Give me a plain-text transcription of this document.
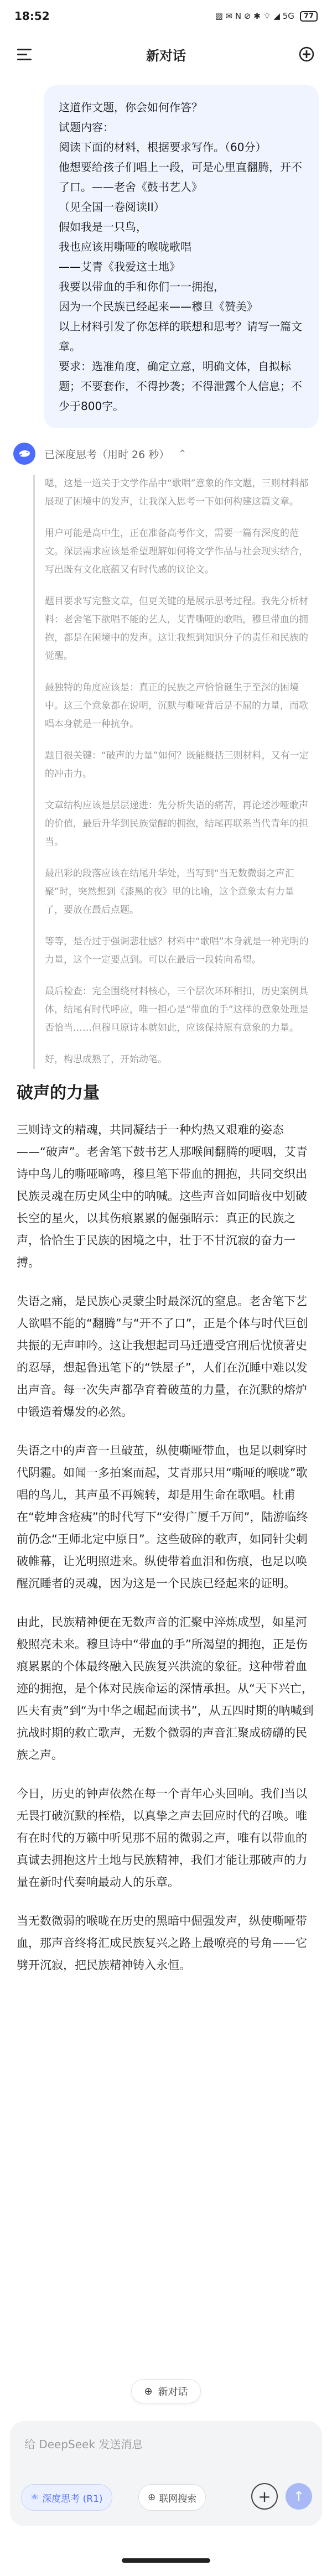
18:52	▨ ✉ N ⊘ ✱ ⌔ ◢ 5G	77
新对话
这道作文题，你会如何作答？
试题内容：
阅读下面的材料，根据要求写作。（60分）
他想要给孩子们唱上一段，可是心里直翻腾，开不了口。——老舍《鼓书艺人》
（见全国一卷阅读II）
假如我是一只鸟，
我也应该用嘶哑的喉咙歌唱
——艾青《我爱这土地》
我要以带血的手和你们一一拥抱，
因为一个民族已经起来——穆旦《赞美》
以上材料引发了你怎样的联想和思考？请写一篇文章。
要求：选准角度，确定立意，明确文体，自拟标题；不要套作，不得抄袭；不得泄露个人信息；不少于800字。
已深度思考（用时 26 秒） ⌃

嗯，这是一道关于文学作品中“歌唱”意象的作文题，三则材料都展现了困境中的发声，让我深入思考一下如何构建这篇文章。

用户可能是高中生，正在准备高考作文，需要一篇有深度的范文。深层需求应该是希望理解如何将文学作品与社会现实结合，写出既有文化底蕴又有时代感的议论文。

题目要求写完整文章，但更关键的是展示思考过程。我先分析材料：老舍笔下欲唱不能的艺人，艾青嘶哑的歌唱，穆旦带血的拥抱，都是在困境中的发声。这让我想到知识分子的责任和民族的觉醒。

最独特的角度应该是：真正的民族之声恰恰诞生于至深的困境中。这三个意象都在说明，沉默与嘶哑背后是不屈的力量，而歌唱本身就是一种抗争。

题目很关键：“破声的力量”如何？既能概括三则材料，又有一定的冲击力。

文章结构应该是层层递进：先分析失语的痛苦，再论述沙哑歌声的价值，最后升华到民族觉醒的拥抱，结尾再联系当代青年的担当。

最出彩的段落应该在结尾升华处，当写到“当无数微弱之声汇聚”时，突然想到《漆黑的夜》里的比喻，这个意象太有力量了，要放在最后点题。

等等，是否过于强调悲壮感？材料中“歌唱”本身就是一种光明的力量，这个一定要点到。可以在最后一段转向希望。

最后检查：完全围绕材料核心，三个层次环环相扣，历史案例具体，结尾有时代呼应，唯一担心是“带血的手”这样的意象处理是否恰当……但穆旦原诗本就如此，应该保持原有意象的力量。

好，构思成熟了，开始动笔。

破声的力量

三则诗文的精魂，共同凝结于一种灼热又艰难的姿态——“破声”。老舍笔下鼓书艺人那喉间翻腾的哽咽，艾青诗中鸟儿的嘶哑啼鸣，穆旦笔下带血的拥抱，共同交织出民族灵魂在历史风尘中的呐喊。这些声音如同暗夜中划破长空的星火，以其伤痕累累的倔强昭示：真正的民族之声，恰恰生于民族的困境之中，壮于不甘沉寂的奋力一搏。

失语之痛，是民族心灵蒙尘时最深沉的窒息。老舍笔下艺人欲唱不能的“翻腾”与“开不了口”，正是个体与时代巨创共振的无声呻吟。这让我想起司马迁遭受宫刑后忧愤著史的忍辱，想起鲁迅笔下的“铁屋子”，人们在沉睡中难以发出声音。每一次失声都孕育着破茧的力量，在沉默的熔炉中锻造着爆发的必然。

失语之中的声音一旦破茧，纵使嘶哑带血，也足以刺穿时代阴霾。如闻一多拍案而起，艾青那只用“嘶哑的喉咙”歌唱的鸟儿，其声虽不再婉转，却是用生命在歌唱。杜甫在“乾坤含疮痍”的时代写下“安得广厦千万间”，陆游临终前仍念“王师北定中原日”。这些破碎的歌声，如同针尖刺破帷幕，让光明照进来。纵使带着血泪和伤痕，也足以唤醒沉睡者的灵魂，因为这是一个民族已经起来的证明。

由此，民族精神便在无数声音的汇聚中淬炼成型，如星河般照亮未来。穆旦诗中“带血的手”所渴望的拥抱，正是伤痕累累的个体最终融入民族复兴洪流的象征。这种带着血迹的拥抱，是个体对民族命运的深情承担。从“天下兴亡，匹夫有责”到“为中华之崛起而读书”，从五四时期的呐喊到抗战时期的救亡歌声，无数个微弱的声音汇聚成磅礴的民族之声。

今日，历史的钟声依然在每一个青年心头回响。我们当以无畏打破沉默的桎梏，以真挚之声去回应时代的召唤。唯有在时代的万籁中听见那不屈的微弱之声，唯有以带血的真诚去拥抱这片土地与民族精神，我们才能让那破声的力量在新时代奏响最动人的乐章。

当无数微弱的喉咙在历史的黑暗中倔强发声，纵使嘶哑带血，那声音终将汇成民族复兴之路上最嘹亮的号角——它劈开沉寂，把民族精神铸入永恒。

⊕ 新对话
给 DeepSeek 发送消息
⚛ 深度思考 (R1)	⊕ 联网搜索	+	↑
